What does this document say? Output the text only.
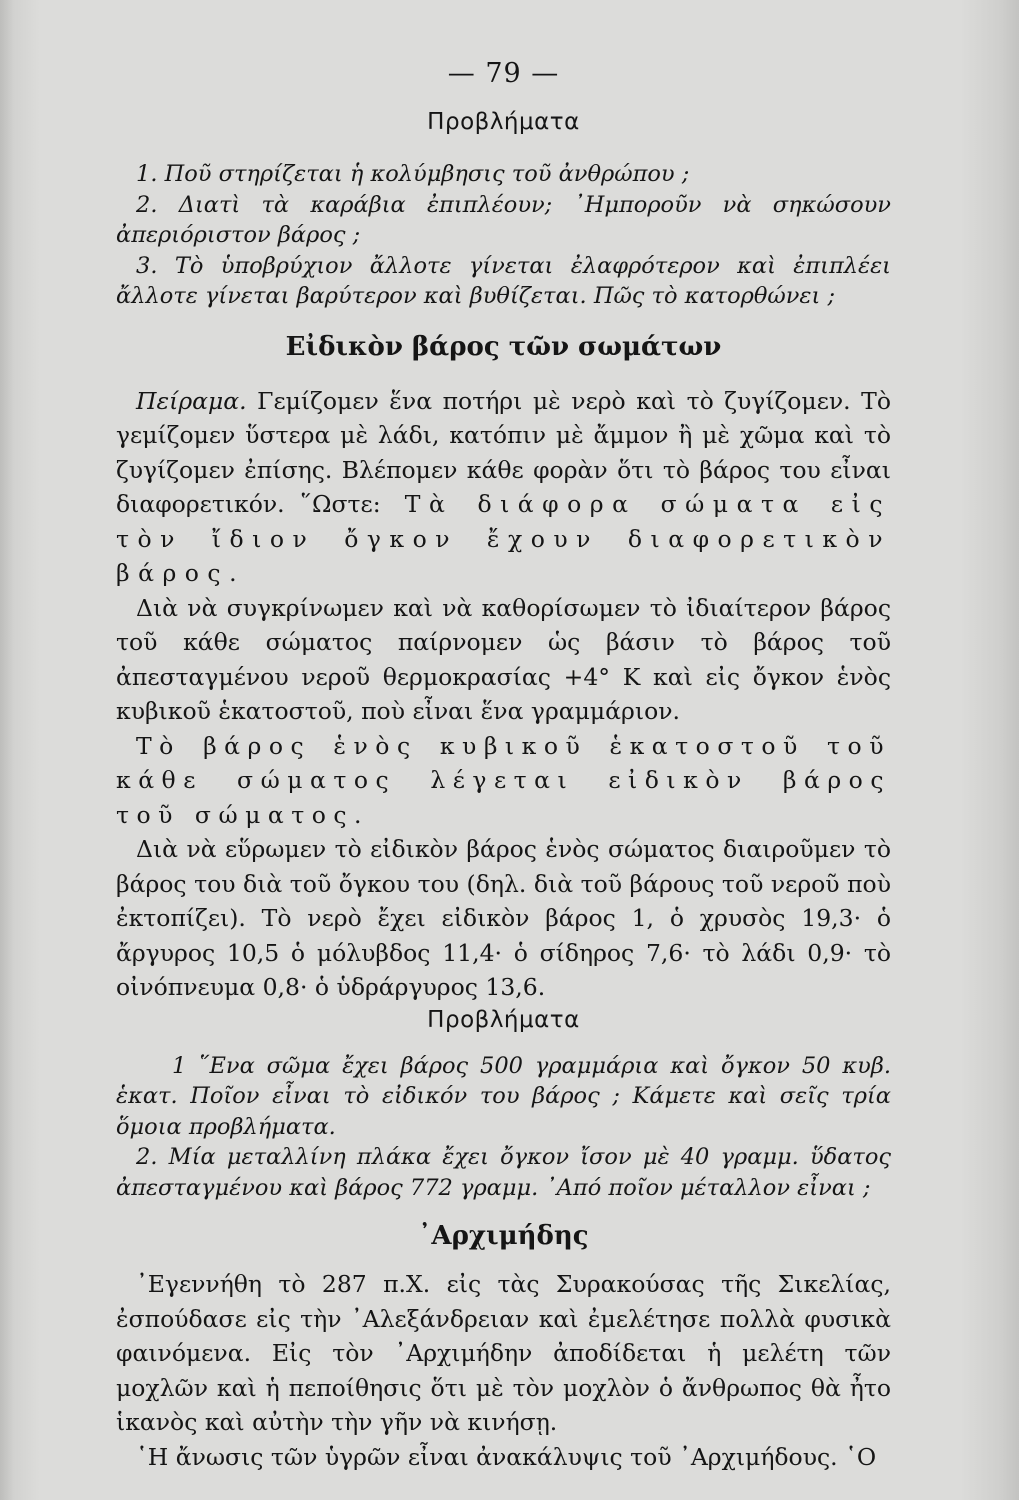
— 79 —
Προβλήματα

1. Ποῦ στηρίζεται ἡ κολύμβησις τοῦ ἀνθρώπου ;

2. Διατὶ τὰ καράβια ἐπιπλέουν; ᾿Ημποροῦν νὰ σηκώσουν ἀπεριόριστον βάρος ;

3. Τὸ ὑποβρύχιον ἄλλοτε γίνεται ἐλαφρότερον καὶ ἐπιπλέει ἄλλοτε γίνεται βαρύτερον καὶ βυθίζεται. Πῶς τὸ κατορθώνει ;

Εἰδικὸν βάρος τῶν σωμάτων

Πείραμα. Γεμίζομεν ἕνα ποτήρι μὲ νερὸ καὶ τὸ ζυγίζομεν. Τὸ γεμίζομεν ὕστερα μὲ λάδι, κατόπιν μὲ ἄμμον ἢ μὲ χῶμα καὶ τὸ ζυγίζομεν ἐπίσης. Βλέπομεν κάθε φορὰν ὅτι τὸ βάρος του εἶναι διαφορετικόν. ῞Ωστε: Τὰ διάφορα σώματα εἰς τὸν ἴδιον ὄγκον ἔχουν διαφορετικὸν βάρος.

Διὰ νὰ συγκρίνωμεν καὶ νὰ καθορίσωμεν τὸ ἰδιαίτερον βάρος τοῦ κάθε σώματος παίρνομεν ὡς βάσιν τὸ βάρος τοῦ ἀπεσταγμένου νεροῦ θερμοκρασίας +4° Κ καὶ εἰς ὄγκον ἑνὸς κυβικοῦ ἑκατοστοῦ, ποὺ εἶναι ἕνα γραμμάριον.

Τὸ βάρος ἑνὸς κυβικοῦ ἑκατοστοῦ τοῦ κάθε σώματος λέγεται εἰδικὸν βάρος τοῦ σώματος.

Διὰ νὰ εὕρωμεν τὸ εἰδικὸν βάρος ἑνὸς σώματος διαιροῦμεν τὸ βάρος του διὰ τοῦ ὄγκου του (δηλ. διὰ τοῦ βάρους τοῦ νεροῦ ποὺ ἐκτοπίζει). Τὸ νερὸ ἔχει εἰδικὸν βάρος 1, ὁ χρυσὸς 19,3· ὁ ἄργυρος 10,5 ὁ μόλυβδος 11,4· ὁ σίδηρος 7,6· τὸ λάδι 0,9· τὸ οἰνόπνευμα 0,8· ὁ ὑδράργυρος 13,6.

Προβλήματα

1 ῞Ενα σῶμα ἔχει βάρος 500 γραμμάρια καὶ ὄγκον 50 κυβ. ἑκατ. Ποῖον εἶναι τὸ εἰδικόν του βάρος ; Κάμετε καὶ σεῖς τρία ὅμοια προβλήματα.

2. Μία μεταλλίνη πλάκα ἔχει ὄγκον ἴσον μὲ 40 γραμμ. ὕδατος ἀπεσταγμένου καὶ βάρος 772 γραμμ. ᾿Από ποῖον μέταλλον εἶναι ;

᾿Αρχιμήδης

᾿Εγεννήθη τὸ 287 π.Χ. εἰς τὰς Συρακούσας τῆς Σικελίας, ἐσπούδασε εἰς τὴν ᾿Αλεξάνδρειαν καὶ ἐμελέτησε πολλὰ φυσικὰ φαινόμενα. Εἰς τὸν ᾿Αρχιμήδην ἀποδίδεται ἡ μελέτη τῶν μοχλῶν καὶ ἡ πεποίθησις ὅτι μὲ τὸν μοχλὸν ὁ ἄνθρωπος θὰ ἦτο ἱκανὸς καὶ αὐτὴν τὴν γῆν νὰ κινήσῃ.

῾Η ἄνωσις τῶν ὑγρῶν εἶναι ἀνακάλυψις τοῦ ᾿Αρχιμήδους. ῾Ο
